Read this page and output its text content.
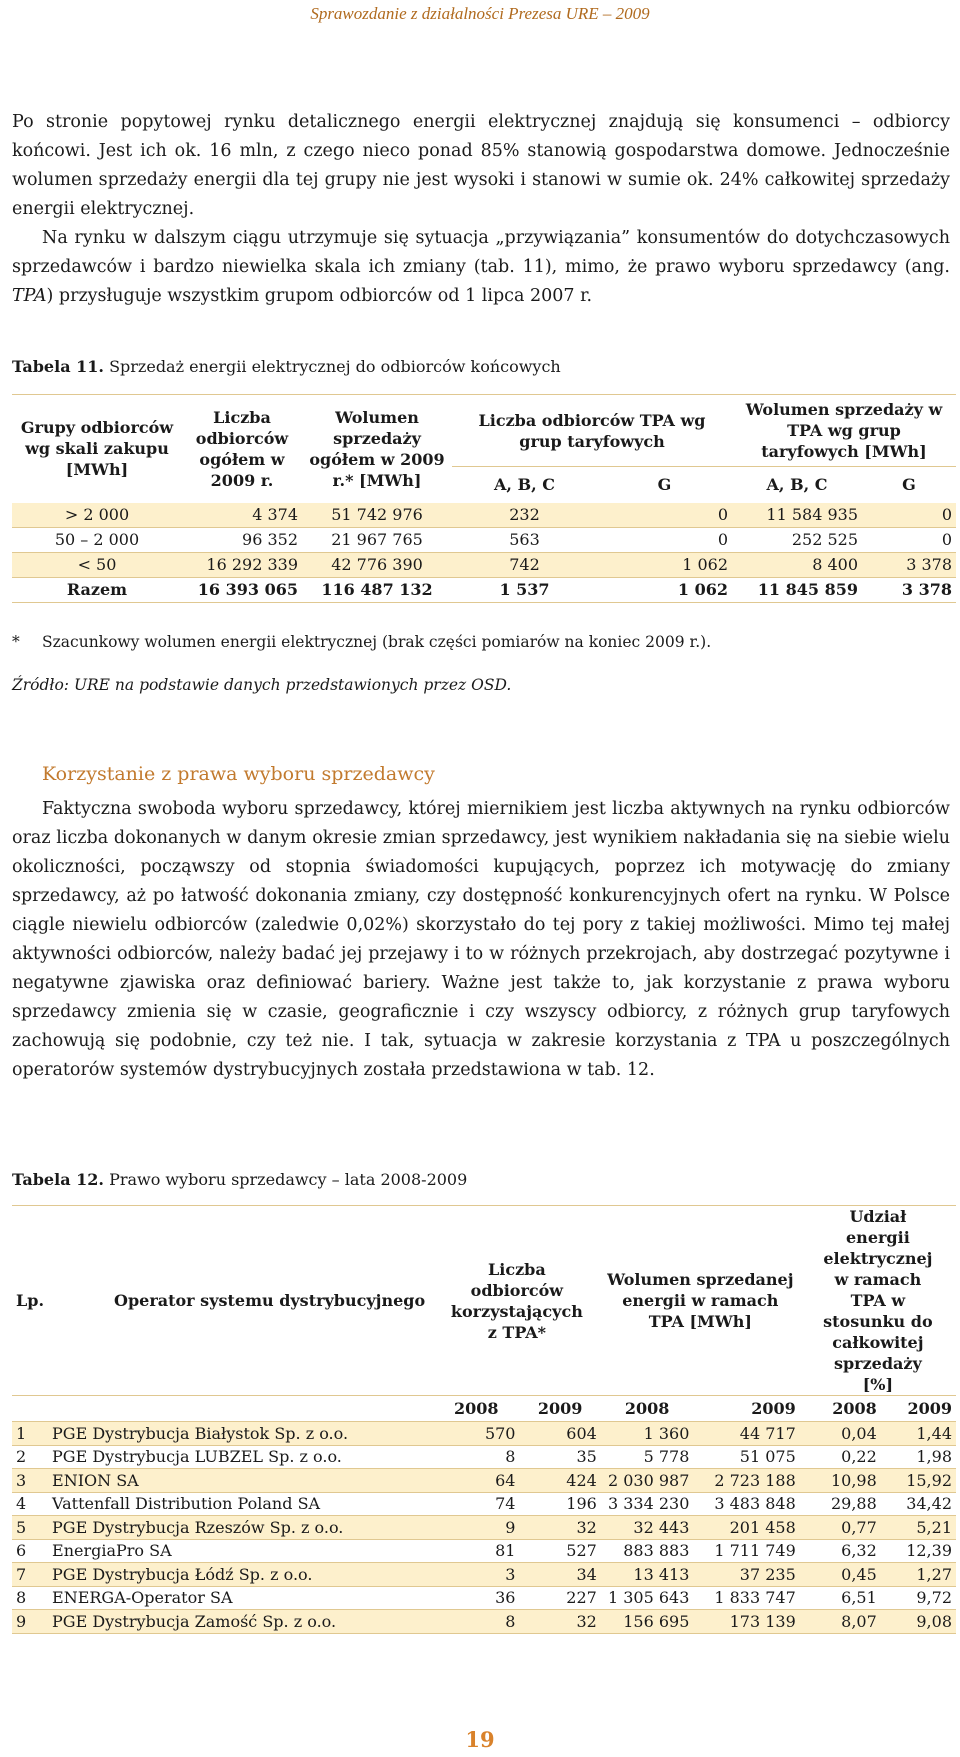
Sprawozdanie z działalności Prezesa URE – 2009

Po stronie popytowej rynku detalicznego energii elektrycznej znajdują się konsumenci – odbiorcy końcowi. Jest ich ok. 16 mln, z czego nieco ponad 85% stanowią gospodarstwa domowe. Jednocześnie wolumen sprzedaży energii dla tej grupy nie jest wysoki i stanowi w sumie ok. 24% całkowitej sprzedaży energii elektrycznej.

Na rynku w dalszym ciągu utrzymuje się sytuacja „przywiązania” konsumentów do dotychczasowych sprzedawców i bardzo niewielka skala ich zmiany (tab. 11), mimo, że prawo wyboru sprzedawcy (ang. TPA) przysługuje wszystkim grupom odbiorców od 1 lipca 2007 r.

Tabela 11. Sprzedaż energii elektrycznej do odbiorców końcowych
Grupy odbiorców wg skali zakupu [MWh]	Liczba odbiorców ogółem w 2009 r.	Wolumen sprzedaży ogółem w 2009 r.* [MWh]	Liczba odbiorców TPA wg grup taryfowych		Wolumen sprzedaży w TPA wg grup taryfowych [MWh]	
			A, B, C	G	A, B, C	G
> 2 000	4 374	51 742 976	232	0	11 584 935	0
50 – 2 000	96 352	21 967 765	563	0	252 525	0
< 50	16 292 339	42 776 390	742	1 062	8 400	3 378
Razem	16 393 065	116 487 132	1 537	1 062	11 845 859	3 378
* Szacunkowy wolumen energii elektrycznej (brak części pomiarów na koniec 2009 r.).
Źródło: URE na podstawie danych przedstawionych przez OSD.
Korzystanie z prawa wyboru sprzedawcy

Faktyczna swoboda wyboru sprzedawcy, której miernikiem jest liczba aktywnych na rynku odbiorców oraz liczba dokonanych w danym okresie zmian sprzedawcy, jest wynikiem nakładania się na siebie wielu okoliczności, począwszy od stopnia świadomości kupujących, poprzez ich motywację do zmiany sprzedawcy, aż po łatwość dokonania zmiany, czy dostępność konkurencyjnych ofert na rynku. W Polsce ciągle niewielu odbiorców (zaledwie 0,02%) skorzystało do tej pory z takiej możliwości. Mimo tej małej aktywności odbiorców, należy badać jej przejawy i to w różnych przekrojach, aby dostrzegać pozytywne i negatywne zjawiska oraz definiować bariery. Ważne jest także to, jak korzystanie z prawa wyboru sprzedawcy zmienia się w czasie, geograficznie i czy wszyscy odbiorcy, z różnych grup taryfowych zachowują się podobnie, czy też nie. I tak, sytuacja w zakresie korzystania z TPA u poszczególnych operatorów systemów dystrybucyjnych została przedstawiona w tab. 12.

Tabela 12. Prawo wyboru sprzedawcy – lata 2008-2009
Lp.	Operator systemu dystrybucyjnego	Liczba odbiorców korzystających z TPA*		Wolumen sprzedanej energii w ramach TPA [MWh]		Udział energii elektrycznej w ramach TPA w stosunku do całkowitej sprzedaży [%]	
		2008	2009	2008	2009	2008	2009
1	PGE Dystrybucja Białystok Sp. z o.o.	570	604	1 360	44 717	0,04	1,44
2	PGE Dystrybucja LUBZEL Sp. z o.o.	8	35	5 778	51 075	0,22	1,98
3	ENION SA	64	424	2 030 987	2 723 188	10,98	15,92
4	Vattenfall Distribution Poland SA	74	196	3 334 230	3 483 848	29,88	34,42
5	PGE Dystrybucja Rzeszów Sp. z o.o.	9	32	32 443	201 458	0,77	5,21
6	EnergiaPro SA	81	527	883 883	1 711 749	6,32	12,39
7	PGE Dystrybucja Łódź Sp. z o.o.	3	34	13 413	37 235	0,45	1,27
8	ENERGA-Operator SA	36	227	1 305 643	1 833 747	6,51	9,72
9	PGE Dystrybucja Zamość Sp. z o.o.	8	32	156 695	173 139	8,07	9,08
19
